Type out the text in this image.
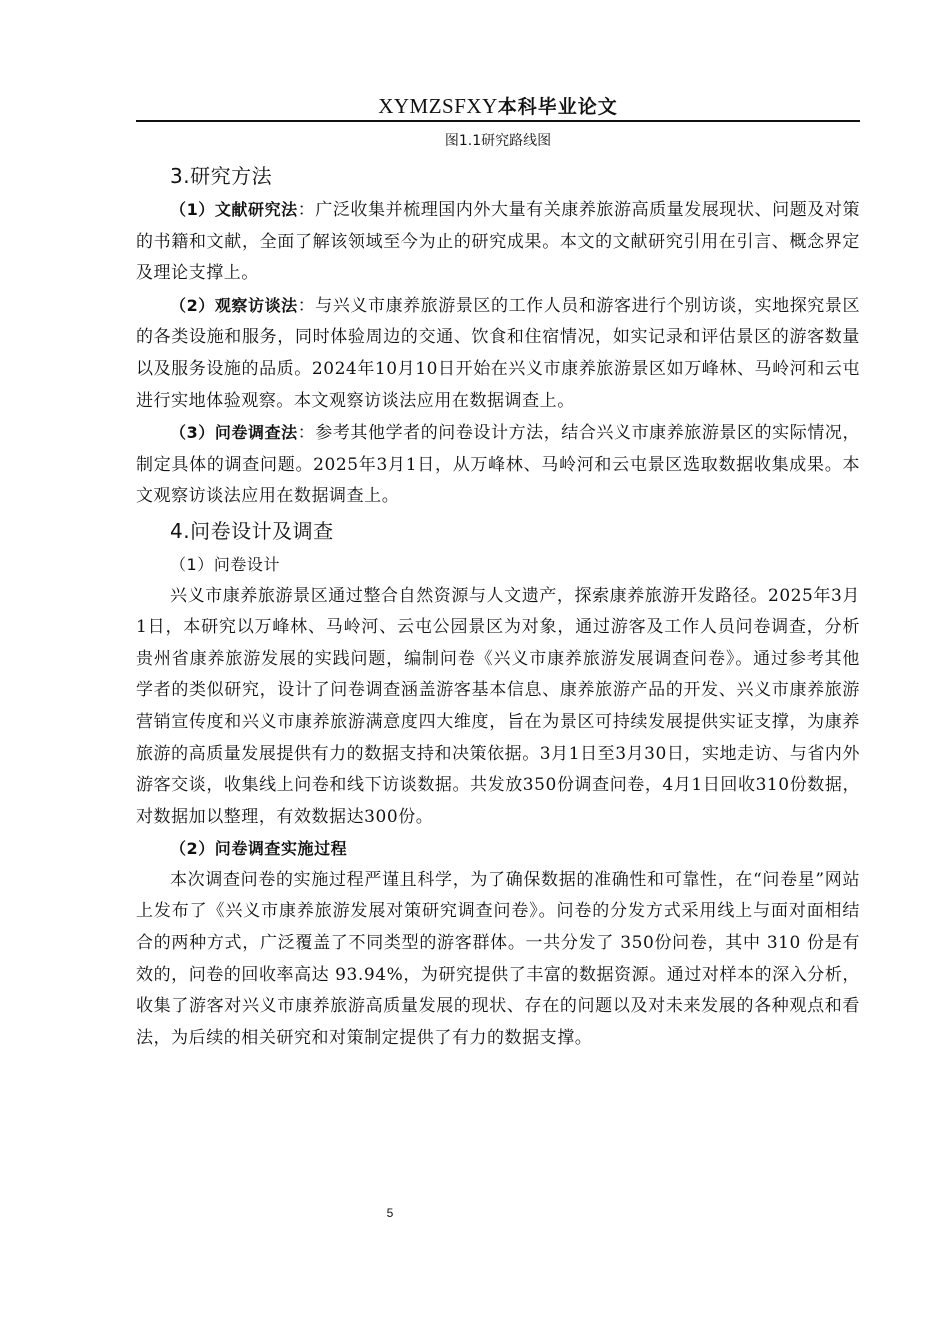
XYMZSFXY本科毕业论文
图1.1研究路线图

3.研究方法

（1）文献研究法：广泛收集并梳理国内外大量有关康养旅游高质量发展现状、问题及对策的书籍和文献，全面了解该领域至今为止的研究成果。本文的文献研究引用在引言、概念界定及理论支撑上。

（2）观察访谈法：与兴义市康养旅游景区的工作人员和游客进行个别访谈，实地探究景区的各类设施和服务，同时体验周边的交通、饮食和住宿情况，如实记录和评估景区的游客数量以及服务设施的品质。2024年10月10日开始在兴义市康养旅游景区如万峰林、马岭河和云屯进行实地体验观察。本文观察访谈法应用在数据调查上。

（3）问卷调查法：参考其他学者的问卷设计方法，结合兴义市康养旅游景区的实际情况，制定具体的调查问题。2025年3月1日，从万峰林、马岭河和云屯景区选取数据收集成果。本文观察访谈法应用在数据调查上。

4.问卷设计及调查

（1）问卷设计

兴义市康养旅游景区通过整合自然资源与人文遗产，探索康养旅游开发路径。2025年3月1日，本研究以万峰林、马岭河、云屯公园景区为对象，通过游客及工作人员问卷调查，分析贵州省康养旅游发展的实践问题，编制问卷《兴义市康养旅游发展调查问卷》。通过参考其他学者的类似研究，设计了问卷调查涵盖游客基本信息、康养旅游产品的开发、兴义市康养旅游营销宣传度和兴义市康养旅游满意度四大维度，旨在为景区可持续发展提供实证支撑，为康养旅游的高质量发展提供有力的数据支持和决策依据。3月1日至3月30日，实地走访、与省内外游客交谈，收集线上问卷和线下访谈数据。共发放350份调查问卷，4月1日回收310份数据，对数据加以整理，有效数据达300份。

（2）问卷调查实施过程

本次调查问卷的实施过程严谨且科学，为了确保数据的准确性和可靠性，在“问卷星”网站上发布了《兴义市康养旅游发展对策研究调查问卷》。问卷的分发方式采用线上与面对面相结合的两种方式，广泛覆盖了不同类型的游客群体。一共分发了 350份问卷，其中 310 份是有效的，问卷的回收率高达 93.94%，为研究提供了丰富的数据资源。通过对样本的深入分析，收集了游客对兴义市康养旅游高质量发展的现状、存在的问题以及对未来发展的各种观点和看法，为后续的相关研究和对策制定提供了有力的数据支撑。

5
